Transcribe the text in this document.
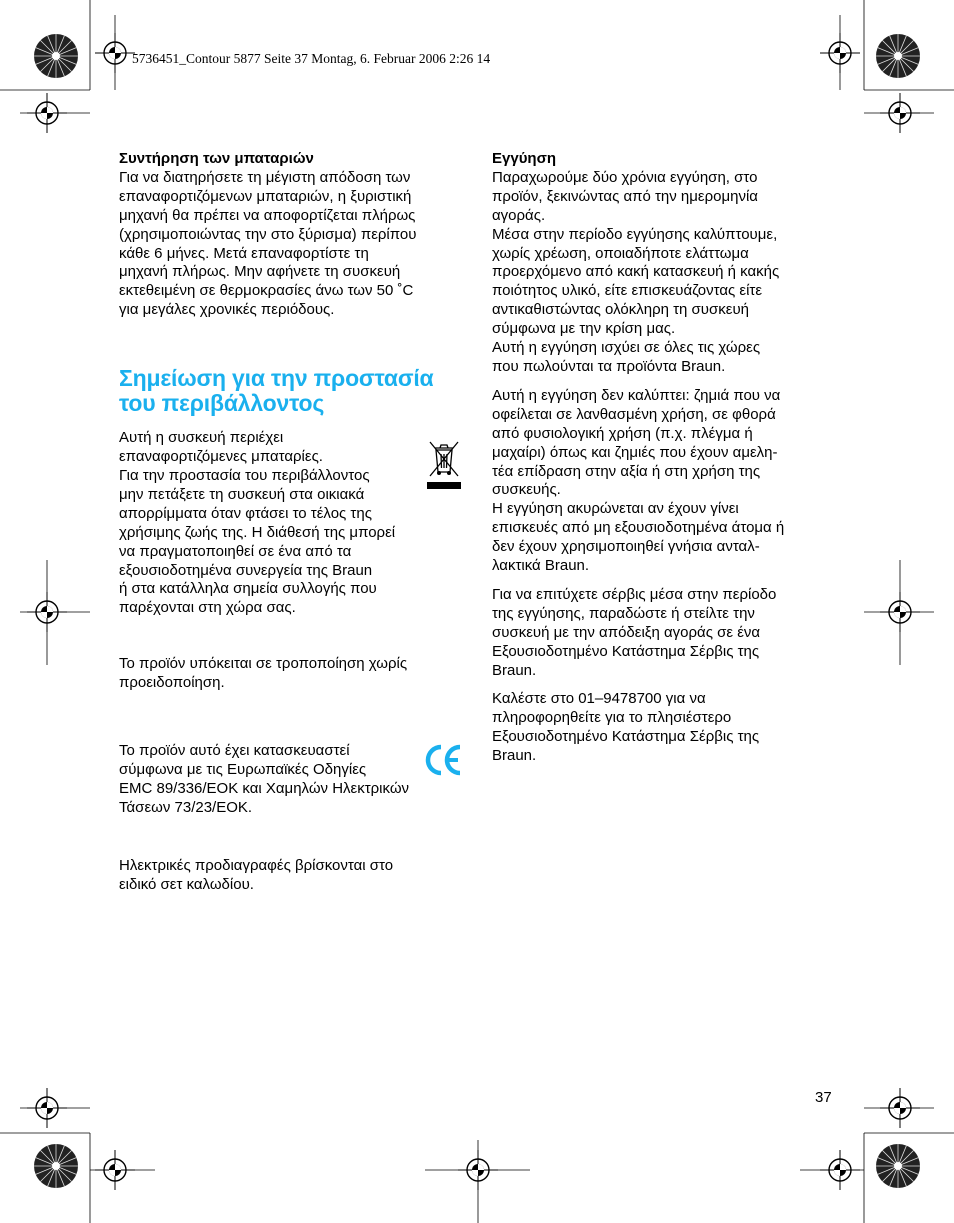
5736451_Contour 5877 Seite 37 Montag, 6. Februar 2006 2:26 14

Συντήρηση των μπαταριών

Για να διατηρήσετε τη μέγιστη απόδοση των
επαναφορτιζόμενων μπαταριών, η ξυριστική
μηχανή θα πρέπει να αποφορτίζεται πλήρως
(χρησιμοποιώντας την στο ξύρισμα) περίπου
κάθε 6 μήνες. Μετά επαναφορτίστε τη
μηχανή πλήρως. Μην αφήνετε τη συσκευή
εκτεθειμένη σε θερμοκρασίες άνω των 50 ˚C
για μεγάλες χρονικές περιόδους.

Σημείωση για την προστασία
του περιβάλλοντος

Αυτή η συσκευή περιέχει
επαναφορτιζόμενες μπαταρίες.
Για την προστασία του περιβάλλοντος
μην πετάξετε τη συσκευή στα οικιακά
απορρίμματα όταν φτάσει το τέλος της
χρήσιμης ζωής της. Η διάθεσή της μπορεί
να πραγματοποιηθεί σε ένα από τα
εξουσιοδοτημένα συνεργεία της Braun
ή στα κατάλληλα σημεία συλλογής που
παρέχονται στη χώρα σας.

Το προϊόν υπόκειται σε τροποποίηση χωρίς
προειδοποίηση.

Το προϊόν αυτό έχει κατασκευαστεί
σύμφωνα με τις Ευρωπαϊκές Οδηγίες
EMC 89/336/EOK και Χαμηλών Ηλεκτρικών
Τάσεων 73/23/EOK.

Ηλεκτρικές προδιαγραφές βρίσκονται στο
ειδικό σετ καλωδίου.

Εγγύηση

Παραχωρούμε δύο χρόνια εγγύηση, στο
προϊόν, ξεκινώντας από την ημερομηνία
αγοράς.
Μέσα στην περίοδο εγγύησης καλύπτουμε,
χωρίς χρέωση, οποιαδήποτε ελάττωμα
προερχόμενο από κακή κατασκευή ή κακής
ποιότητος υλικό, είτε επισκευάζοντας είτε
αντικαθιστώντας ολόκληρη τη συσκευή
σύμφωνα με την κρίση μας.
Αυτή η εγγύηση ισχύει σε όλες τις χώρες
που πωλούνται τα προϊόντα Braun.

Αυτή η εγγύηση δεν καλύπτει: ζημιά που να
οφείλεται σε λανθασμένη χρήση, σε φθορά
από φυσιολογική χρήση (π.χ. πλέγμα ή
μαχαίρι) όπως και ζημιές που έχουν αμελη-
τέα επίδραση στην αξία ή στη χρήση της
συσκευής.
Η εγγύηση ακυρώνεται αν έχουν γίνει
επισκευές από μη εξουσιοδοτημένα άτομα ή
δεν έχουν χρησιμοποιηθεί γνήσια ανταλ-
λακτικά Braun.

Για να επιτύχετε σέρβις μέσα στην περίοδο
της εγγύησης, παραδώστε ή στείλτε την
συσκευή με την απόδειξη αγοράς σε ένα
Εξουσιοδοτημένο Κατάστημα Σέρβις της
Braun.

Καλέστε στο 01–9478700 για να
πληροφορηθείτε για το πλησιέστερο
Εξουσιοδοτημένο Κατάστημα Σέρβις της
Braun.

37
